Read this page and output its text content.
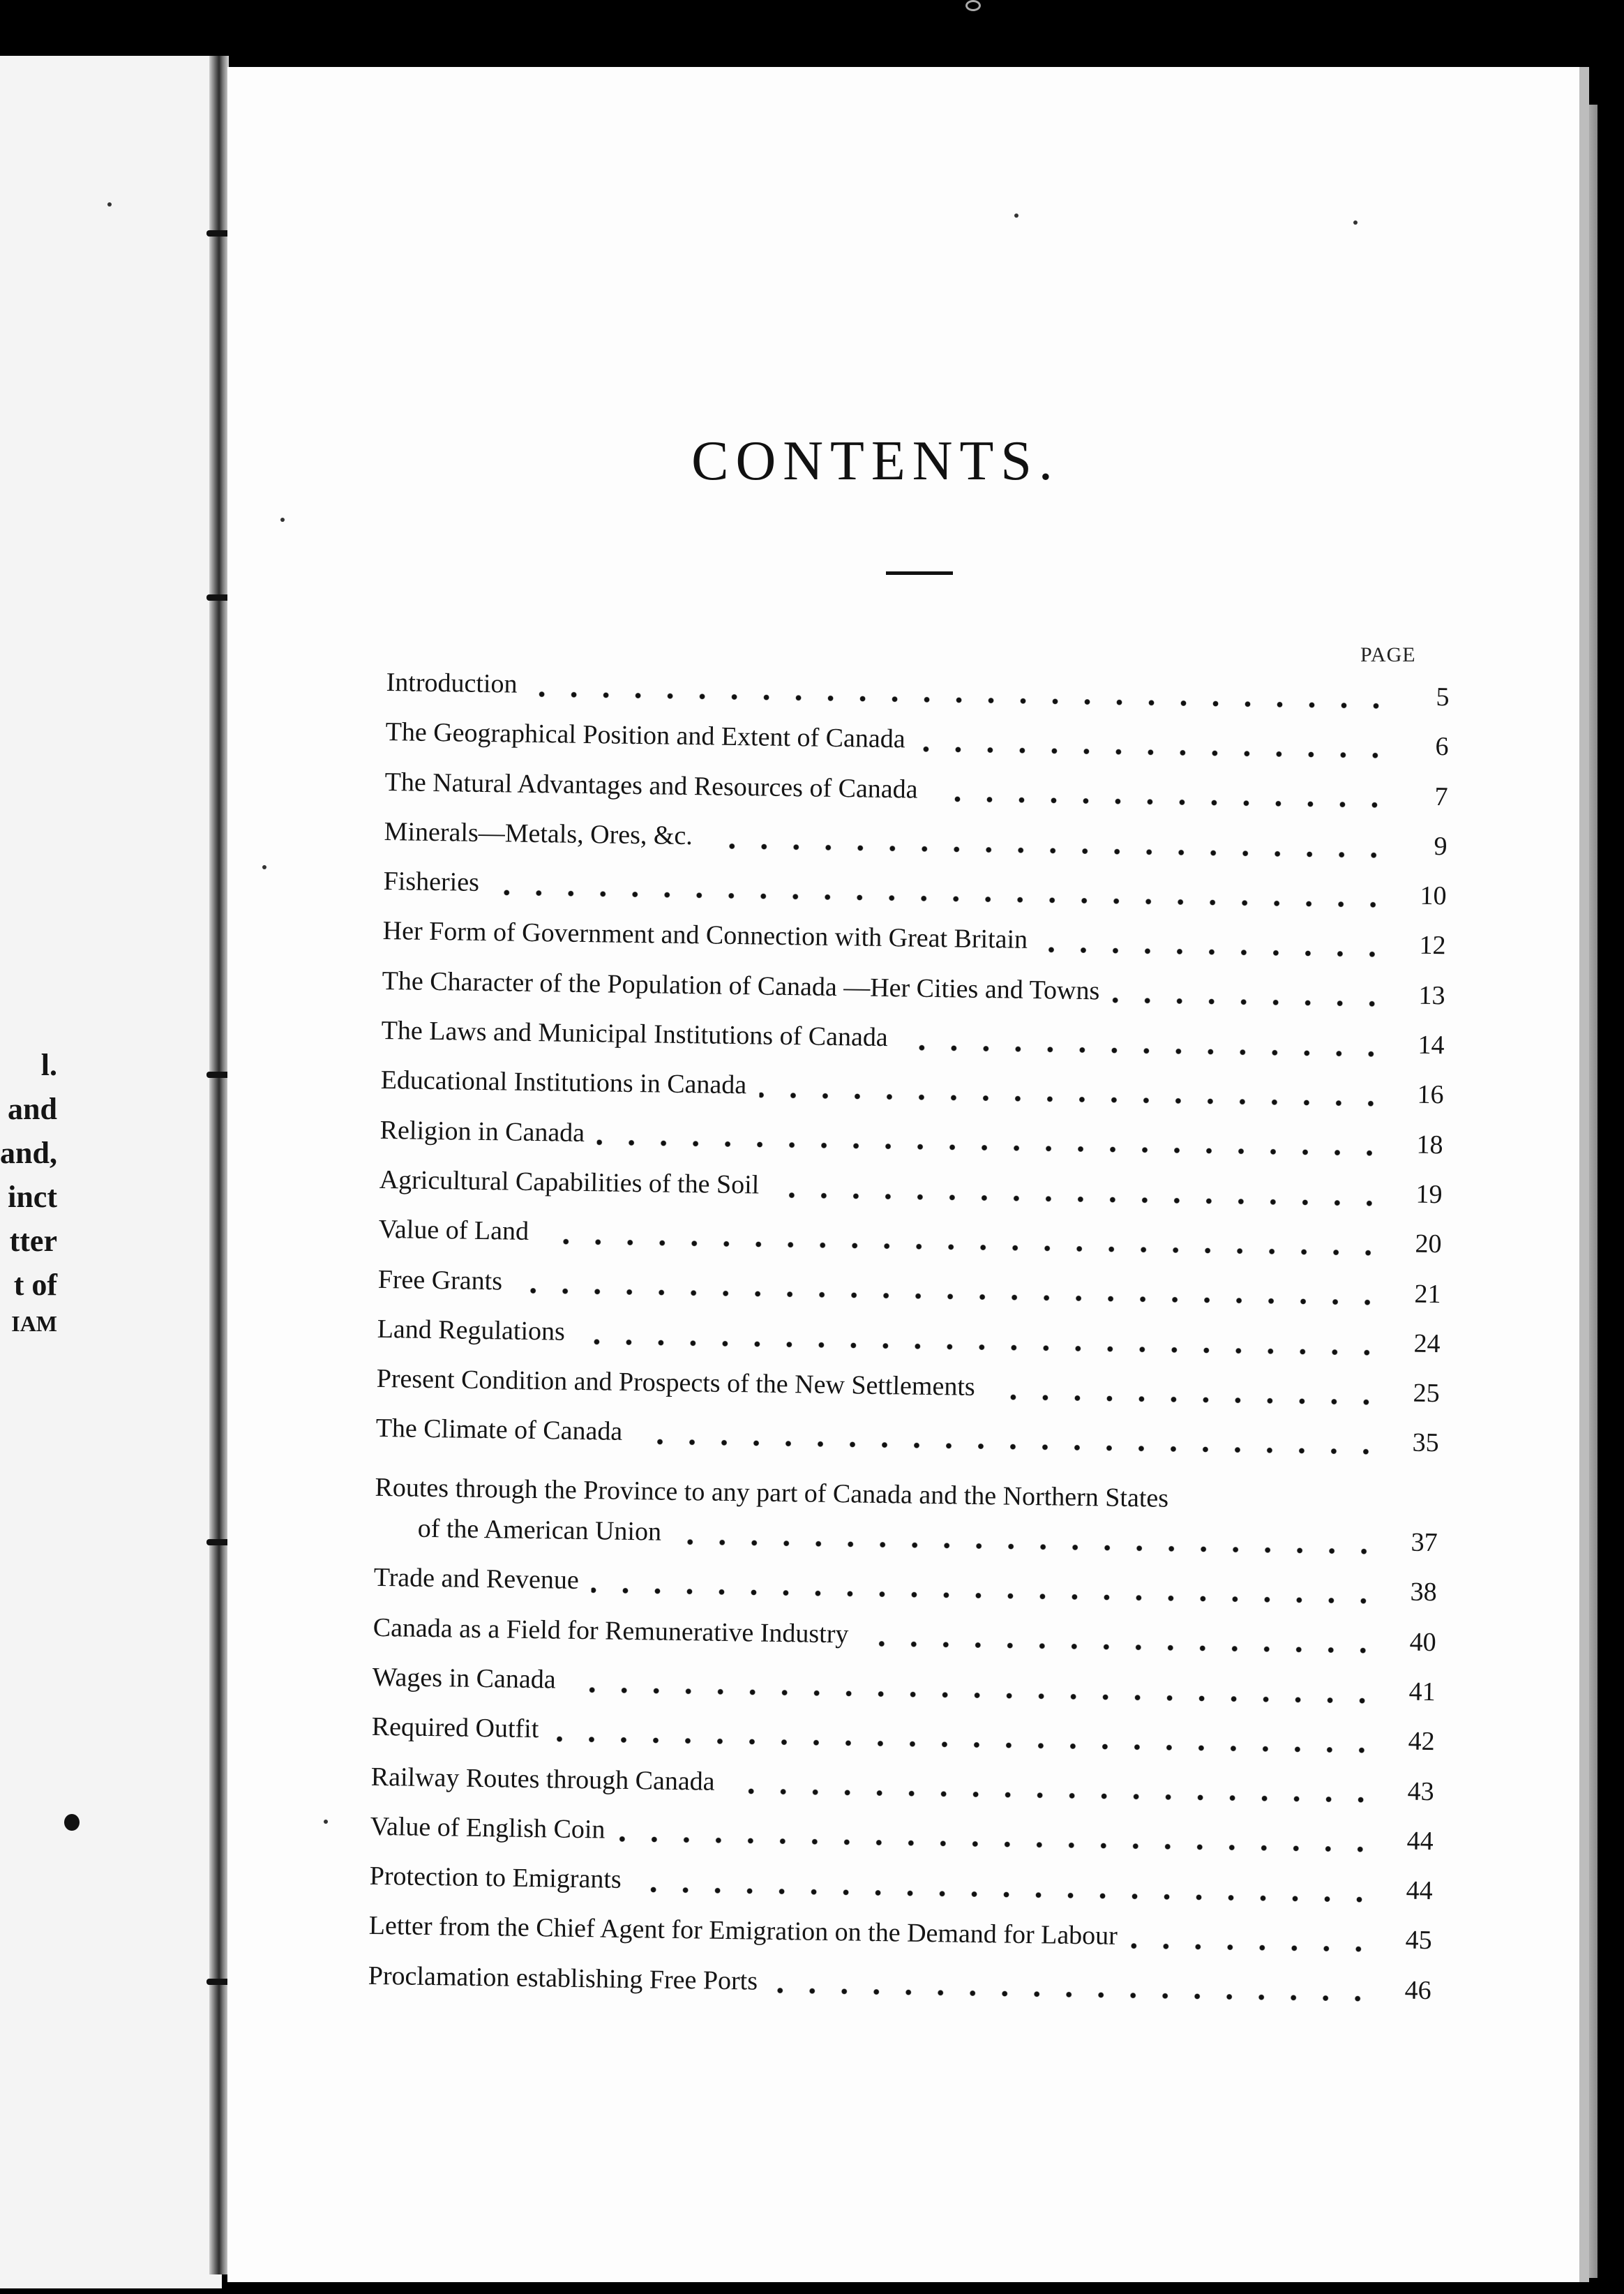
l.
and
and,
inct
tter
t of
IAM
CONTENTS.
PAGE
Introduction	5
The Geographical Position and Extent of Canada	6
The Natural Advantages and Resources of Canada	7
Minerals—Metals, Ores, &c.	9
Fisheries	10
Her Form of Government and Connection with Great Britain	12
The Character of the Population of Canada —Her Cities and Towns	13
The Laws and Municipal Institutions of Canada	14
Educational Institutions in Canada	16
Religion in Canada	18
Agricultural Capabilities of the Soil	19
Value of Land	20
Free Grants	21
Land Regulations	24
Present Condition and Prospects of the New Settlements	25
The Climate of Canada	35
Routes through the Province to any part of Canada and the Northern States
of the American Union	37
Trade and Revenue	38
Canada as a Field for Remunerative Industry	40
Wages in Canada	41
Required Outfit	42
Railway Routes through Canada	43
Value of English Coin	44
Protection to Emigrants	44
Letter from the Chief Agent for Emigration on the Demand for Labour	45
Proclamation establishing Free Ports	46
